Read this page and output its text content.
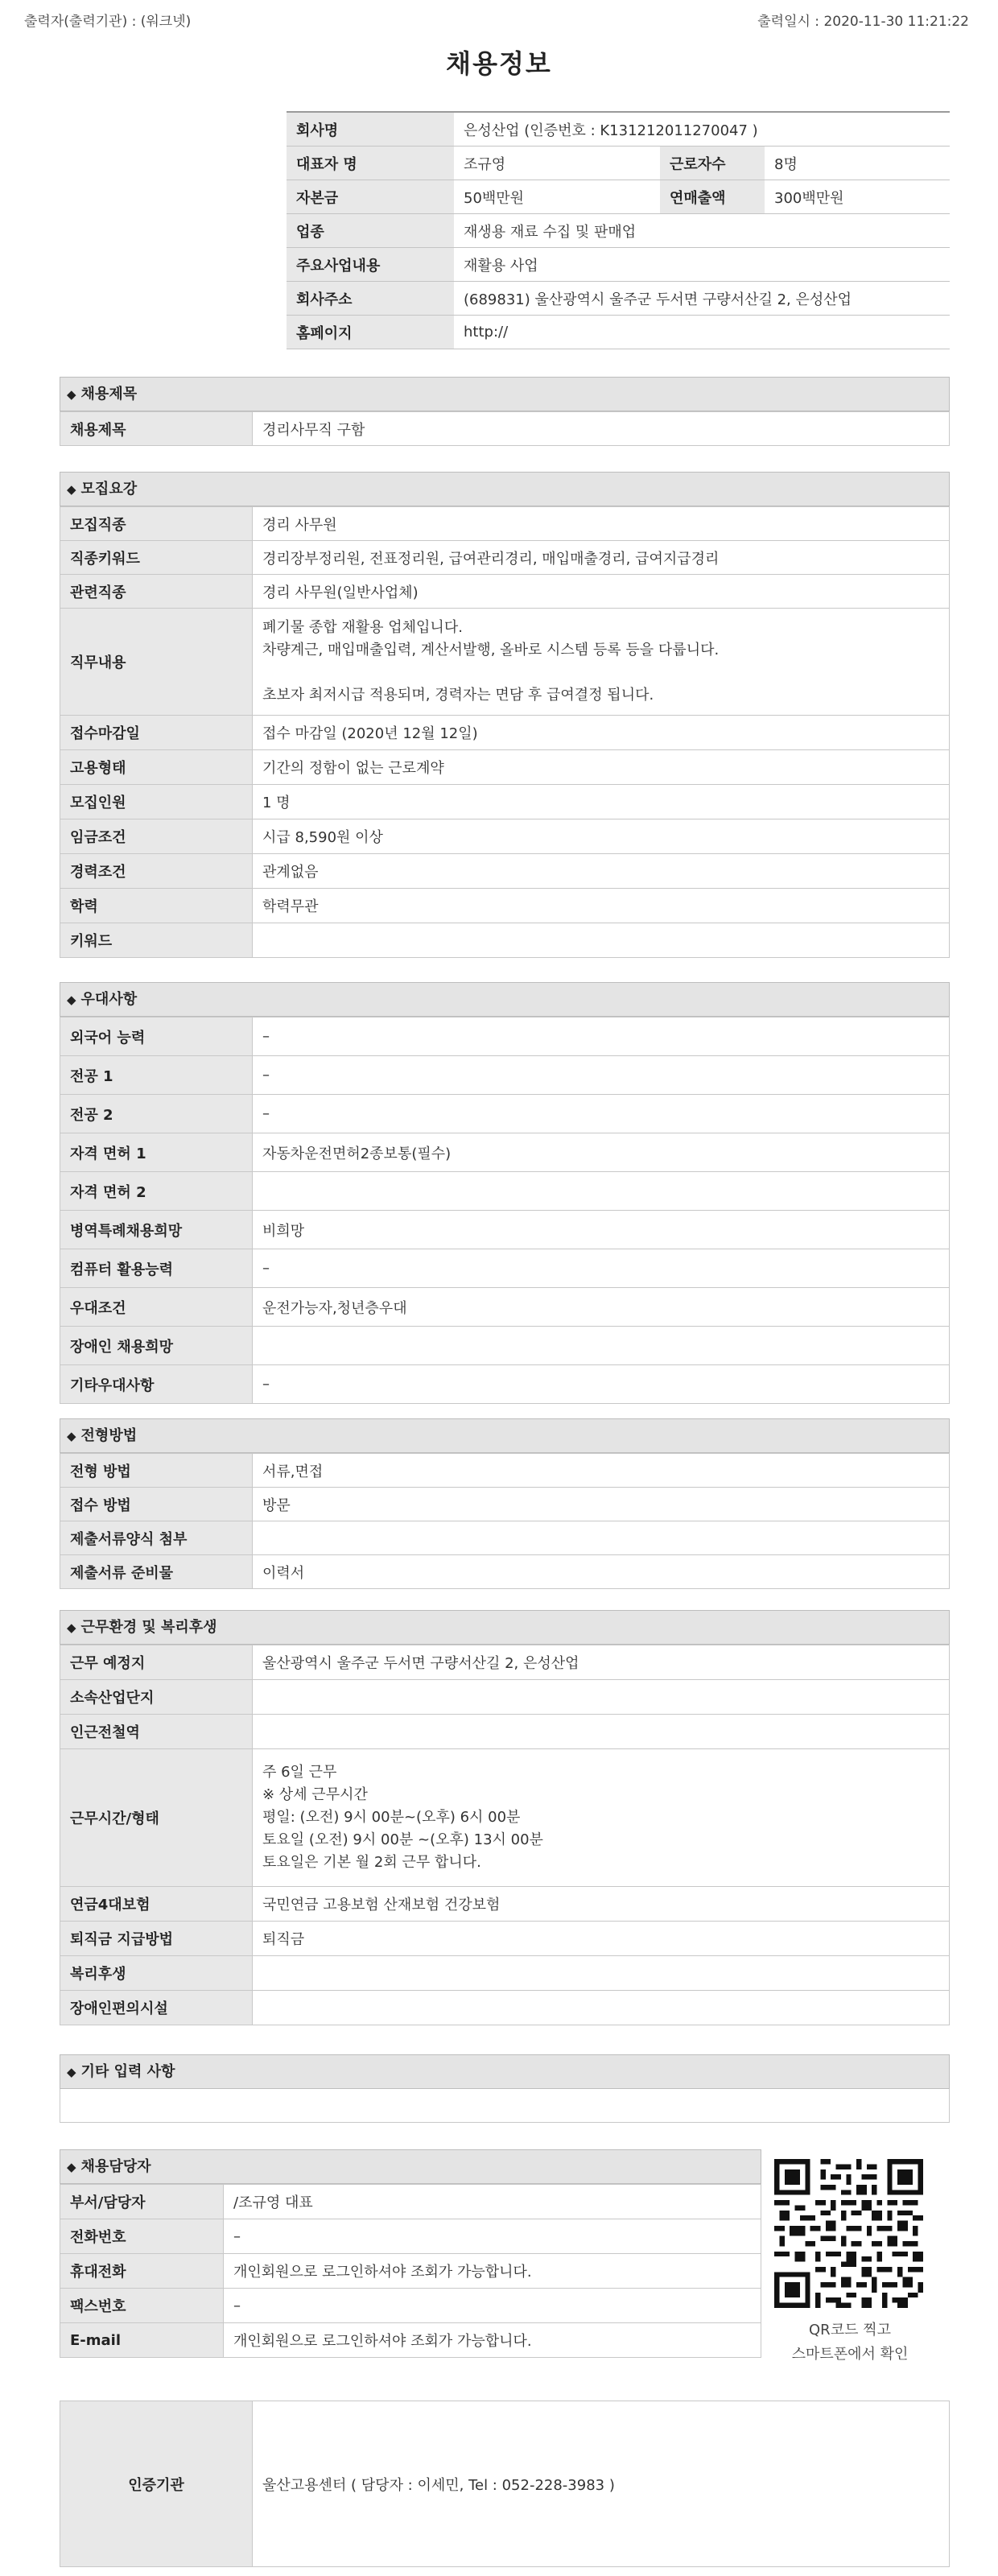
출력자(출력기관) : (워크넷)	출력일시 : 2020-11-30 11:21:22
채용정보
회사명	은성산업 (인증번호 : K131212011270047 )		
대표자 명	조규영	근로자수	8명
자본금	50백만원	연매출액	300백만원
업종	재생용 재료 수집 및 판매업		
주요사업내용	재활용 사업		
회사주소	(689831) 울산광역시 울주군 두서면 구량서산길 2, 은성산업		
홈페이지	http://		
◆ 채용제목
채용제목	경리사무직 구함
◆ 모집요강
모집직종	경리 사무원
직종키워드	경리장부정리원, 전표정리원, 급여관리경리, 매입매출경리, 급여지급경리
관련직종	경리 사무원(일반사업체)
직무내용	폐기물 종합 재활용 업체입니다.
차량계근, 매입매출입력, 계산서발행, 올바로 시스템 등록 등을 다룹니다.

초보자 최저시급 적용되며, 경력자는 면담 후 급여결정 됩니다.

접수마감일	접수 마감일 (2020년 12월 12일)
고용형태	기간의 정함이 없는 근로계약
모집인원	1 명
임금조건	시급 8,590원 이상
경력조건	관계없음
학력	학력무관
키워드	
◆ 우대사항
외국어 능력	–
전공 1	–
전공 2	–
자격 면허 1	자동차운전면허2종보통(필수)
자격 면허 2	
병역특례채용희망	비희망
컴퓨터 활용능력	–
우대조건	운전가능자,청년층우대
장애인 채용희망	
기타우대사항	–
◆ 전형방법
전형 방법	서류,면접
접수 방법	방문
제출서류양식 첨부	
제출서류 준비물	이력서
◆ 근무환경 및 복리후생
근무 예정지	울산광역시 울주군 두서면 구량서산길 2, 은성산업
소속산업단지	
인근전철역	
근무시간/형태	주 6일 근무
※ 상세 근무시간
평일: (오전) 9시 00분~(오후) 6시 00분
토요일 (오전) 9시 00분 ~(오후) 13시 00분
토요일은 기본 월 2회 근무 합니다.

연금4대보험	국민연금 고용보험 산재보험 건강보험
퇴직금 지급방법	퇴직금
복리후생	
장애인편의시설	
◆ 기타 입력 사항
◆ 채용담당자
부서/담당자	/조규영 대표
전화번호	–
휴대전화	개인회원으로 로그인하셔야 조회가 가능합니다.
팩스번호	–
E-mail	개인회원으로 로그인하셔야 조회가 가능합니다.
QR코드 찍고
스마트폰에서 확인
인증기관	울산고용센터 ( 담당자 : 이세민, Tel : 052-228-3983 )
